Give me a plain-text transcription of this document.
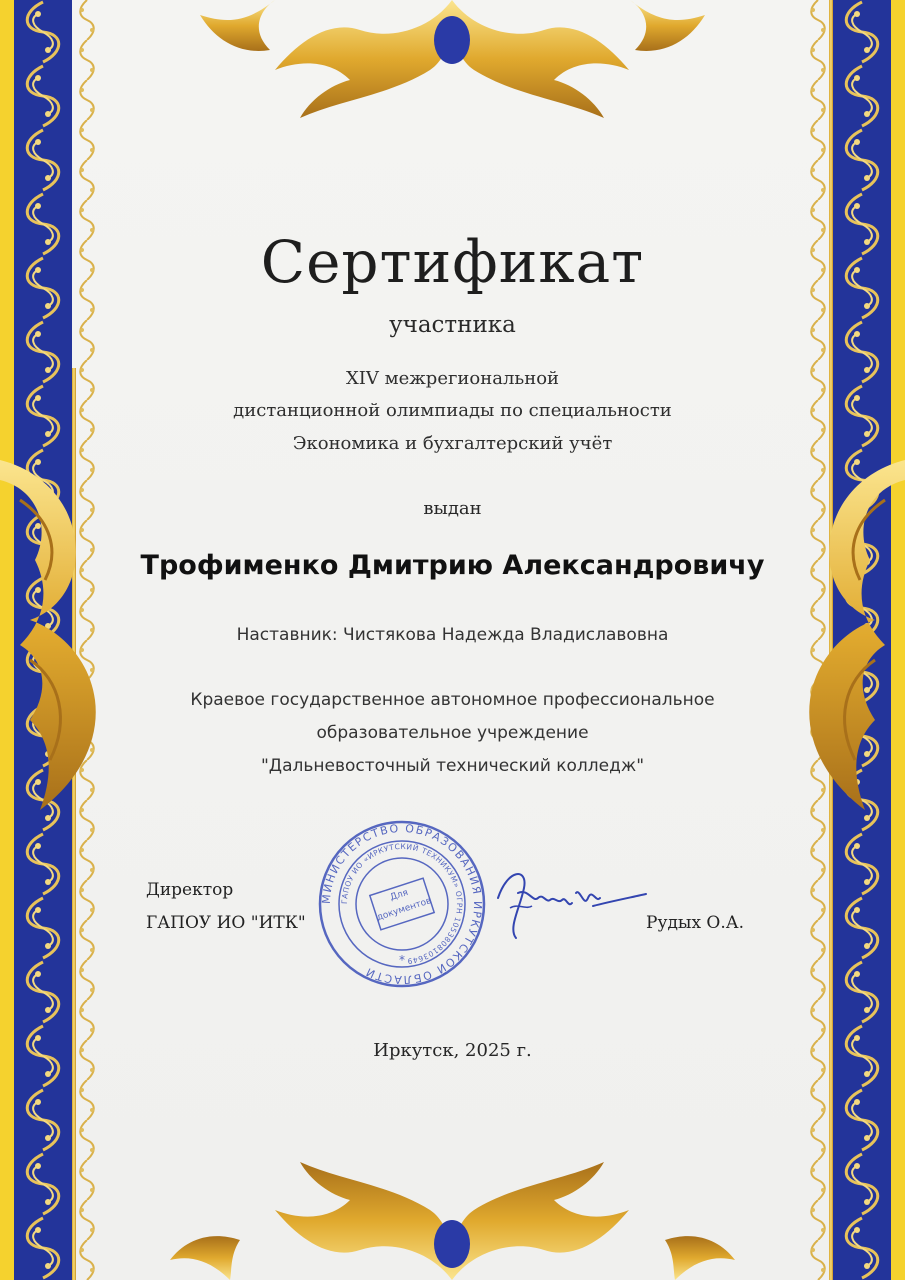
Сертификат
участника
XIV межрегиональной
дистанционной олимпиады по специальности
Экономика и бухгалтерский учёт
выдан
Трофименко Дмитрию Александровичу
Наставник: Чистякова Надежда Владиславовна
Краевое государственное автономное профессиональное
образовательное учреждение
"Дальневосточный технический колледж"
Директор
ГАПОУ ИО "ИТК"	Рудых О.А.
МИНИСТЕРСТВО ОБРАЗОВАНИЯ ИРКУТСКОЙ ОБЛАСТИ
ГАПОУ ИО «ИРКУТСКИЙ ТЕХНИКУМ» ОГРН 1053808103649
Для документов
*
Иркутск, 2025 г.
